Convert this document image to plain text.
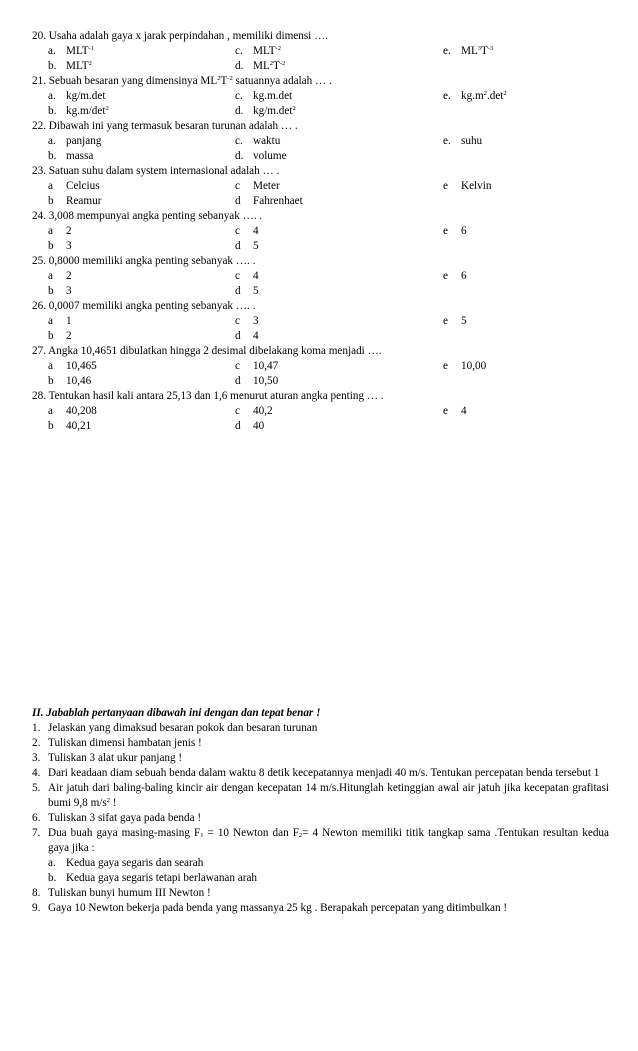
20. Usaha adalah gaya x jarak perpindahan , memiliki dimensi ….
a. $MLT^{-1}$	c. $MLT^{-2}$	e. $ML^3T^{-3}$
b. MLT$^2$	d. $ML^2T^{-2}$
21. Sebuah besaran yang dimensinya $ML^2T^{-2}$ satuannya adalah … .
a. kg/m.det	c. kg.m.det	e. $kg.m^2.\det^2$
b. $kg.m/\det^2$	d. $kg/m.\det^2$
22. Dibawah ini yang termasuk besaran turunan adalah … .
a. panjang	c. waktu	e. suhu
b. massa	d. volume
23. Satuan suhu dalam system internasional adalah … .
a Celcius	c Meter	e Kelvin
b Reamur	d Fahrenhaet
24. 3,008 mempunyai angka penting sebanyak …. .
a 2	c 4	e 6
b 3	d 5
25. 0,8000 memiliki angka penting sebanyak …. .
a 2	c 4	e 6
b 3	d 5
26. 0,0007 memiliki angka penting sebanyak …. .
a 1	c 3	e 5
b 2	d 4
27. Angka 10,4651 dibulatkan hingga 2 desimal dibelakang koma menjadi ….
a 10,465	c 10,47	e 10,00
b 10,46	d 10,50
28. Tentukan hasil kali antara 25,13 dan 1,6 menurut aturan angka penting … .
a 40,208	c 40,2	e 4
b 40,21	d 40
II. Jabablah pertanyaan dibawah ini dengan dan tepat benar !
1. Jelaskan yang dimaksud besaran pokok dan besaran turunan
2. Tuliskan dimensi hambatan jenis !
3. Tuliskan 3 alat ukur panjang !
4. Dari keadaan diam sebuah benda dalam waktu 8 detik kecepatannya menjadi 40 m/s. Tentukan percepatan benda tersebut 1
5. Air jatuh dari baling-baling kincir air dengan kecepatan 14 m/s.Hitunglah ketinggian awal air jatuh jika kecepatan grafitasi bumi 9,8 $m/s^2$ !
6. Tuliskan 3 sifat gaya pada benda !
7. Dua buah gaya masing-masing $F_1 = 10$ Newton dan $F_2= 4$ Newton memiliki titik tangkap sama .Tentukan resultan kedua gaya jika :
a. Kedua gaya segaris dan searah
b. Kedua gaya segaris tetapi berlawanan arah
8. Tuliskan bunyi humum III Newton !
9. Gaya 10 Newton bekerja pada benda yang massanya 25 kg . Berapakah percepatan yang ditimbulkan !
